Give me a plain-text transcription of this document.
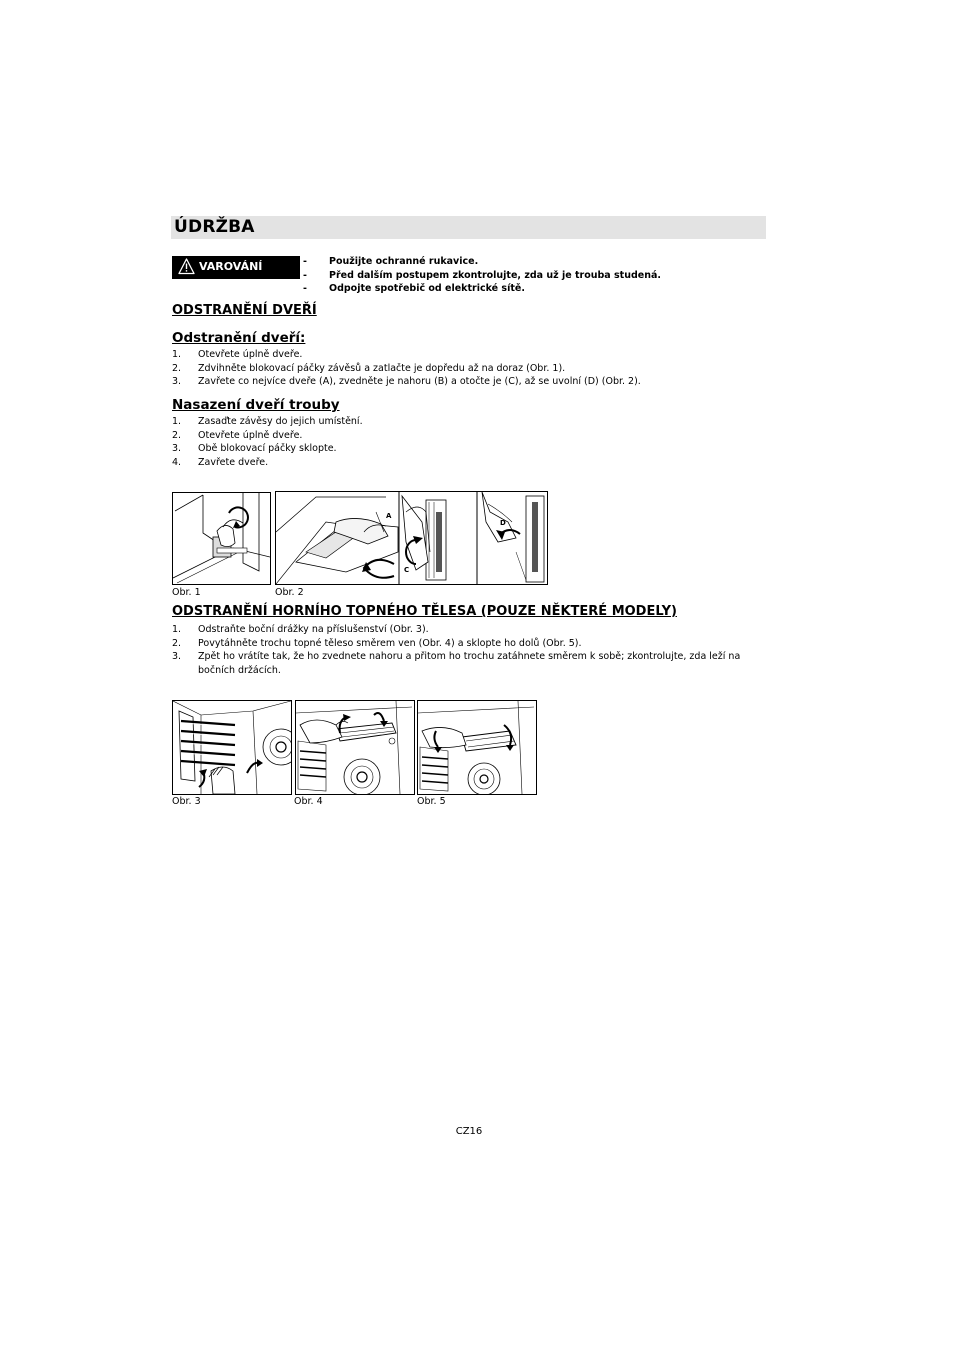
ÚDRŽBA
VAROVÁNÍ	- Použijte ochranné rukavice.
- Před dalším postupem zkontrolujte, zda už je trouba studená.
- Odpojte spotřebič od elektrické sítě.
ODSTRANĚNÍ DVEŘÍ
Odstranění dveří:
1. Otevřete úplně dveře.
2. Zdvihněte blokovací páčky závěsů a zatlačte je dopředu až na doraz (Obr. 1).
3. Zavřete co nejvíce dveře (A), zvedněte je nahoru (B) a otočte je (C), až se uvolní (D) (Obr. 2).
Nasazení dveří trouby
1. Zasaďte závěsy do jejich umístění.
2. Otevřete úplně dveře.
3. Obě blokovací páčky sklopte.
4. Zavřete dveře.
A
C
D
Obr. 1	Obr. 2
ODSTRANĚNÍ HORNÍHO TOPNÉHO TĚLESA (POUZE NĚKTERÉ MODELY)
1. Odstraňte boční drážky na příslušenství (Obr. 3).
2. Povytáhněte trochu topné těleso směrem ven (Obr. 4) a sklopte ho dolů (Obr. 5).
3. Zpět ho vrátíte tak, že ho zvednete nahoru a přitom ho trochu zatáhnete směrem k sobě; zkontrolujte, zda leží na bočních držácích.
Obr. 3	Obr. 4	Obr. 5
CZ16
